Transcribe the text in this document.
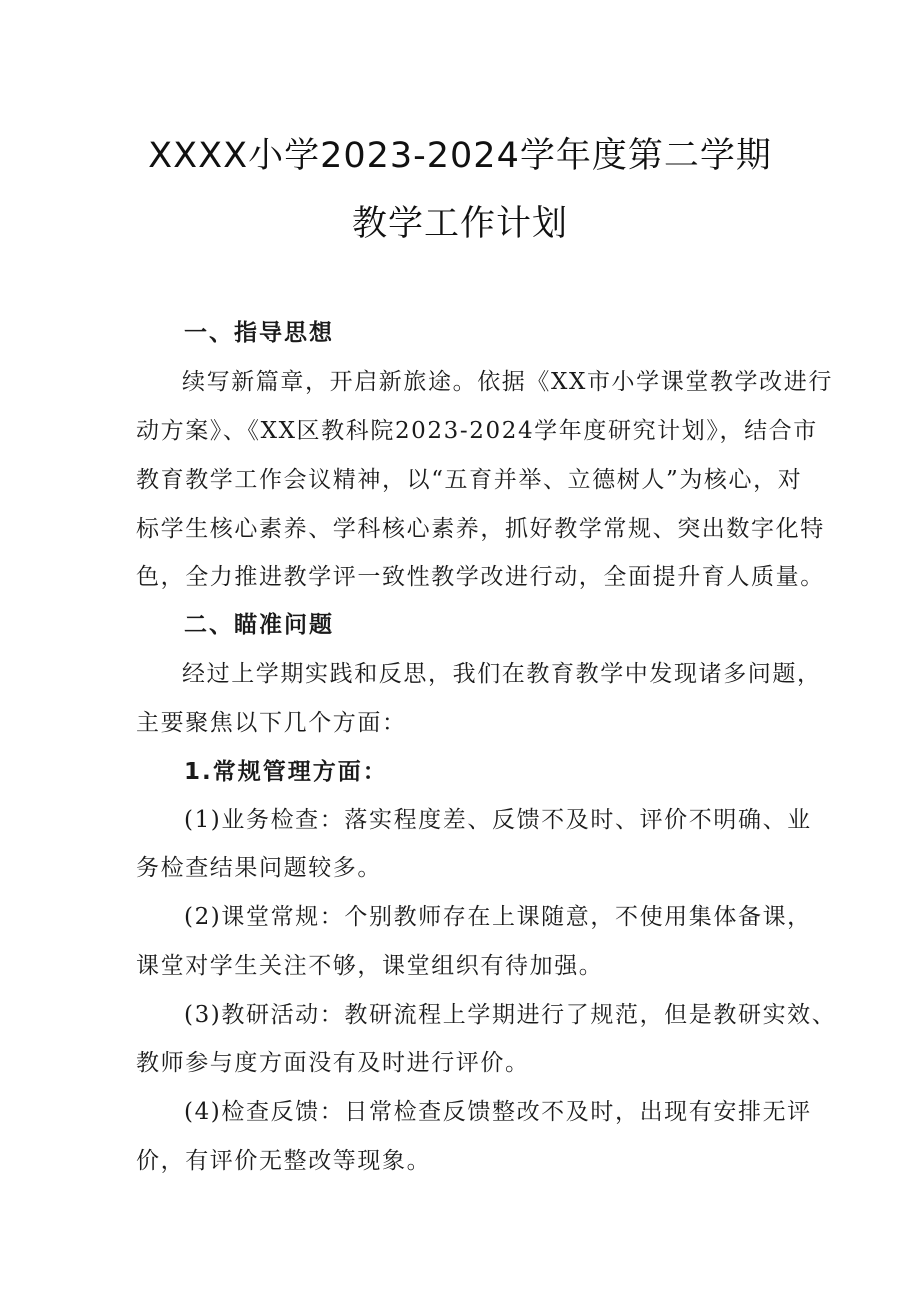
XXXX小学2023-2024学年度第二学期
教学工作计划
一、指导思想
续写新篇章，开启新旅途。依据《XX市小学课堂教学改进行
动方案》、《XX区教科院2023-2024学年度研究计划》，结合市
教育教学工作会议精神，以“五育并举、立德树人”为核心，对
标学生核心素养、学科核心素养，抓好教学常规、突出数字化特
色，全力推进教学评一致性教学改进行动，全面提升育人质量。
二、瞄准问题
经过上学期实践和反思，我们在教育教学中发现诸多问题，
主要聚焦以下几个方面：
1.常规管理方面：
(1)业务检查：落实程度差、反馈不及时、评价不明确、业
务检查结果问题较多。
(2)课堂常规：个别教师存在上课随意，不使用集体备课，
课堂对学生关注不够，课堂组织有待加强。
(3)教研活动：教研流程上学期进行了规范，但是教研实效、
教师参与度方面没有及时进行评价。
(4)检查反馈：日常检查反馈整改不及时，出现有安排无评
价，有评价无整改等现象。
